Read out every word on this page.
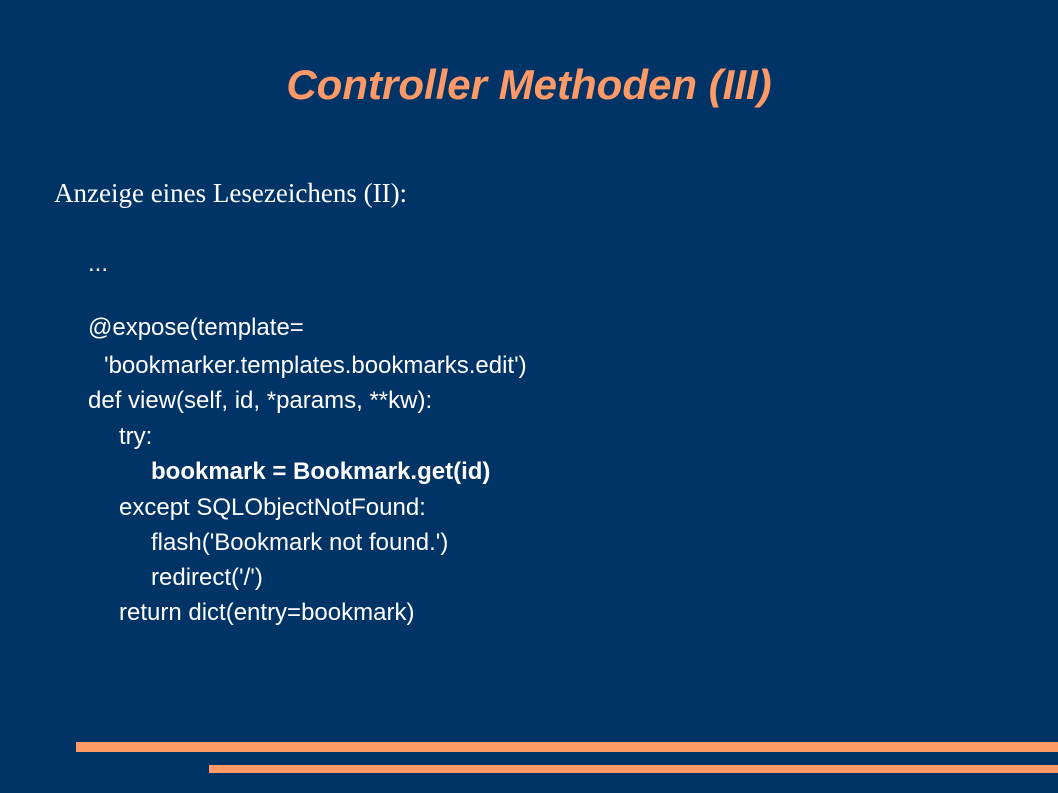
Controller Methoden (III)
Anzeige eines Lesezeichens (II):
...
@expose(template=
'bookmarker.templates.bookmarks.edit')
def view(self, id, *params, **kw):
try:
bookmark = Bookmark.get(id)
except SQLObjectNotFound:
flash('Bookmark not found.')
redirect('/')
return dict(entry=bookmark)
